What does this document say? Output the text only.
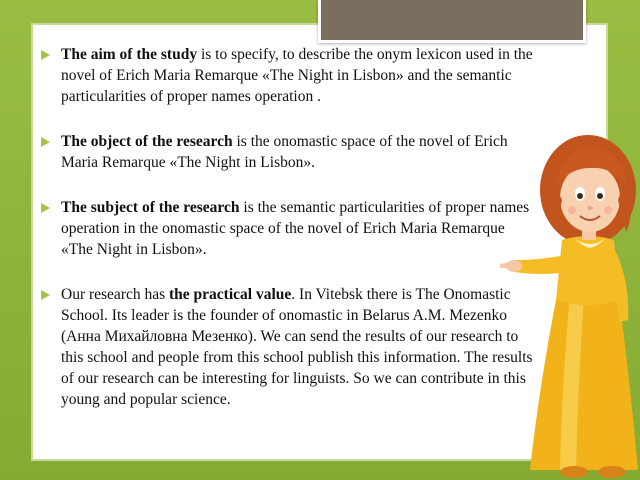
The aim of the study is to specify, to describe the onym lexicon used in the novel of Erich Maria Remarque «The Night in Lisbon» and the semantic particularities of proper names operation .
The object of the research is the onomastic space of the novel of Erich Maria Remarque «The Night in Lisbon».
The subject of the research is the semantic particularities of proper names operation in the onomastic space of the novel of Erich Maria Remarque «The Night in Lisbon».
Our research has the practical value. In Vitebsk there is The Onomastic School. Its leader is the founder of onomastic in Belarus A.M. Mezenko (Анна Михайловна Мезенко). We can send the results of our research to this school and people from this school publish this information. The results of our research can be interesting for linguists. So we can contribute in this young and popular science.
